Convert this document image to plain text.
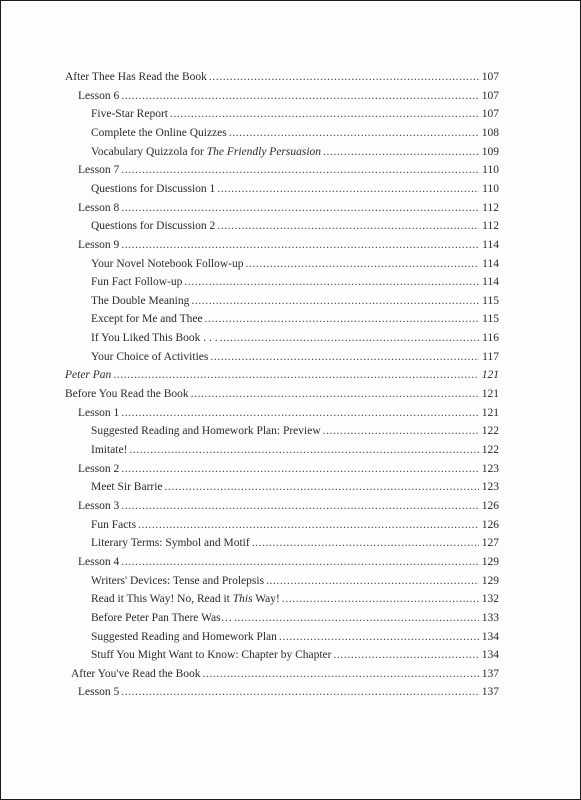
After Thee Has Read the Book .....	107
Lesson 6 .....	107
Five-Star Report .....	107
Complete the Online Quizzes .....	108
Vocabulary Quizzola for The Friendly Persuasion .....	109
Lesson 7 .....	110
Questions for Discussion 1 .....	110
Lesson 8 .....	112
Questions for Discussion 2 .....	112
Lesson 9 .....	114
Your Novel Notebook Follow-up .....	114
Fun Fact Follow-up .....	114
The Double Meaning .....	115
Except for Me and Thee .....	115
If You Liked This Book . . . .....	116
Your Choice of Activities .....	117
Peter Pan .....	121
Before You Read the Book .....	121
Lesson 1 .....	121
Suggested Reading and Homework Plan: Preview .....	122
Imitate! .....	122
Lesson 2 .....	123
Meet Sir Barrie .....	123
Lesson 3 .....	126
Fun Facts .....	126
Literary Terms: Symbol and Motif .....	127
Lesson 4 .....	129
Writers' Devices: Tense and Prolepsis .....	129
Read it This Way! No, Read it This Way! .....	132
Before Peter Pan There Was… .....	133
Suggested Reading and Homework Plan .....	134
Stuff You Might Want to Know: Chapter by Chapter .....	134
After You've Read the Book .....	137
Lesson 5 .....	137
